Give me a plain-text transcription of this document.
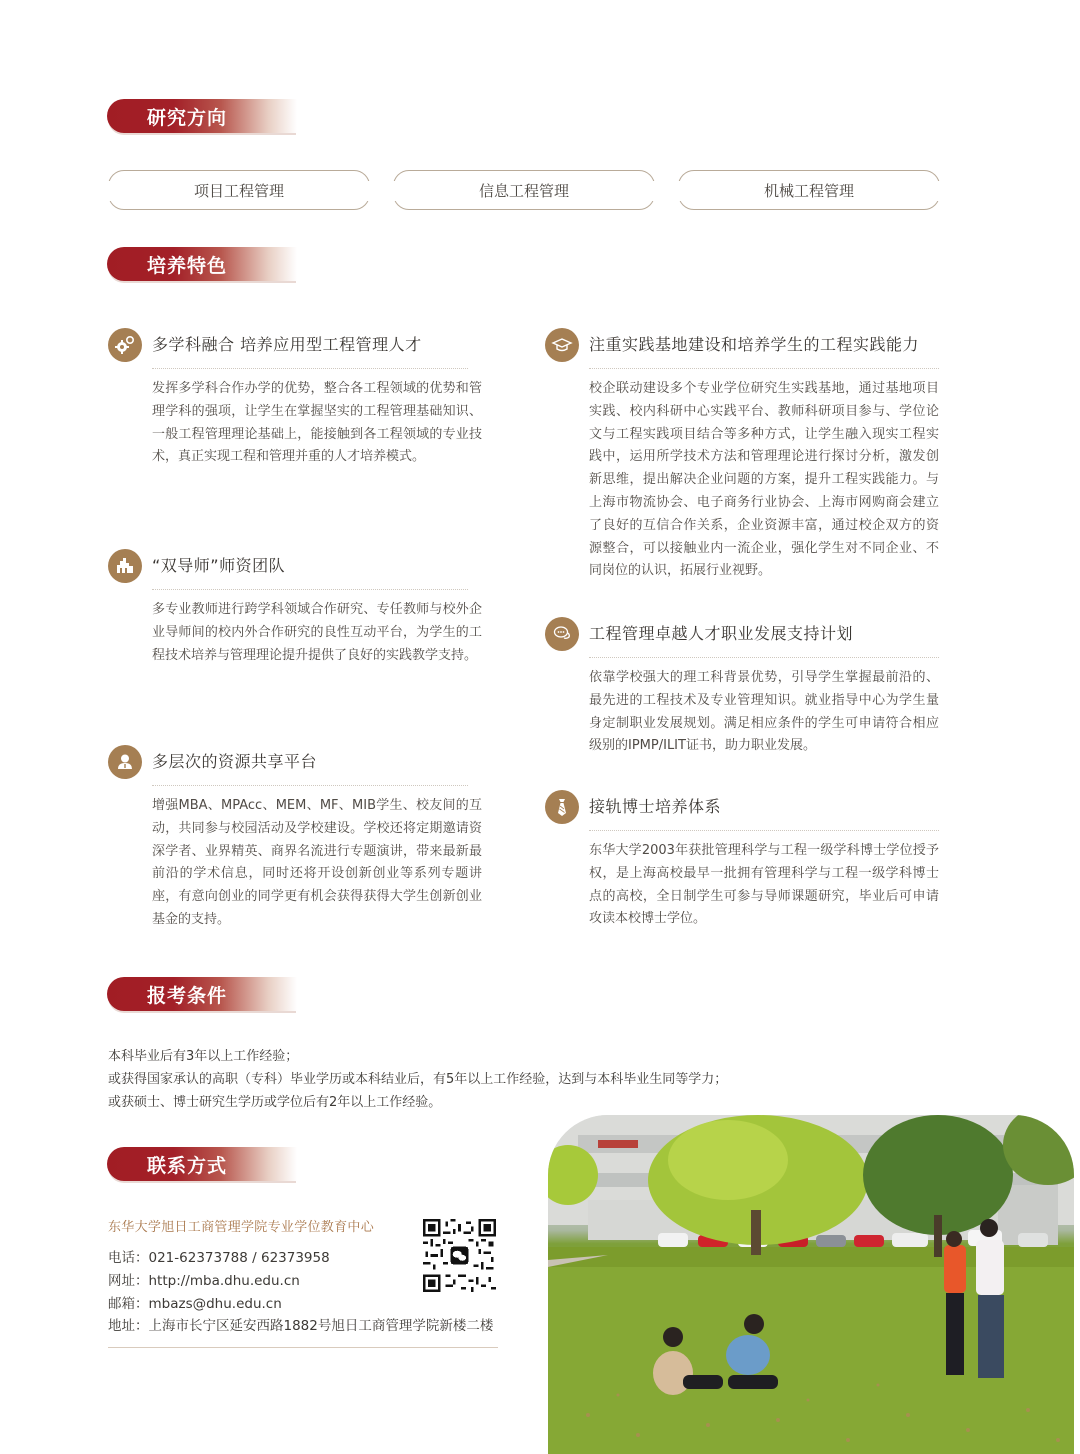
研究方向
项目工程管理	信息工程管理	机械工程管理
培养特色
多学科融合 培养应用型工程管理人才
发挥多学科合作办学的优势，整合各工程领域的优势和管理学科的强项，让学生在掌握坚实的工程管理基础知识、一般工程管理理论基础上，能接触到各工程领域的专业技术，真正实现工程和管理并重的人才培养模式。
注重实践基地建设和培养学生的工程实践能力
校企联动建设多个专业学位研究生实践基地，通过基地项目实践、校内科研中心实践平台、教师科研项目参与、学位论文与工程实践项目结合等多种方式，让学生融入现实工程实践中，运用所学技术方法和管理理论进行探讨分析，激发创新思维，提出解决企业问题的方案，提升工程实践能力。与上海市物流协会、电子商务行业协会、上海市网购商会建立了良好的互信合作关系，企业资源丰富，通过校企双方的资源整合，可以接触业内一流企业，强化学生对不同企业、不同岗位的认识，拓展行业视野。
“双导师”师资团队
多专业教师进行跨学科领域合作研究、专任教师与校外企业导师间的校内外合作研究的良性互动平台，为学生的工程技术培养与管理理论提升提供了良好的实践教学支持。
工程管理卓越人才职业发展支持计划
依靠学校强大的理工科背景优势，引导学生掌握最前沿的、最先进的工程技术及专业管理知识。就业指导中心为学生量身定制职业发展规划。满足相应条件的学生可申请符合相应级别的IPMP/ILIT证书，助力职业发展。
多层次的资源共享平台
增强MBA、MPAcc、MEM、MF、MIB学生、校友间的互动，共同参与校园活动及学校建设。学校还将定期邀请资深学者、业界精英、商界名流进行专题演讲，带来最新最前沿的学术信息，同时还将开设创新创业等系列专题讲座，有意向创业的同学更有机会获得获得大学生创新创业基金的支持。
接轨博士培养体系
东华大学2003年获批管理科学与工程一级学科博士学位授予权，是上海高校最早一批拥有管理科学与工程一级学科博士点的高校，全日制学生可参与导师课题研究，毕业后可申请攻读本校博士学位。
报考条件
本科毕业后有3年以上工作经验；
或获得国家承认的高职（专科）毕业学历或本科结业后，有5年以上工作经验，达到与本科毕业生同等学力；
或获硕士、博士研究生学历或学位后有2年以上工作经验。
联系方式
东华大学旭日工商管理学院专业学位教育中心
电话：021-62373788 / 62373958
网址：http://mba.dhu.edu.cn
邮箱：mbazs@dhu.edu.cn
地址：上海市长宁区延安西路1882号旭日工商管理学院新楼二楼
